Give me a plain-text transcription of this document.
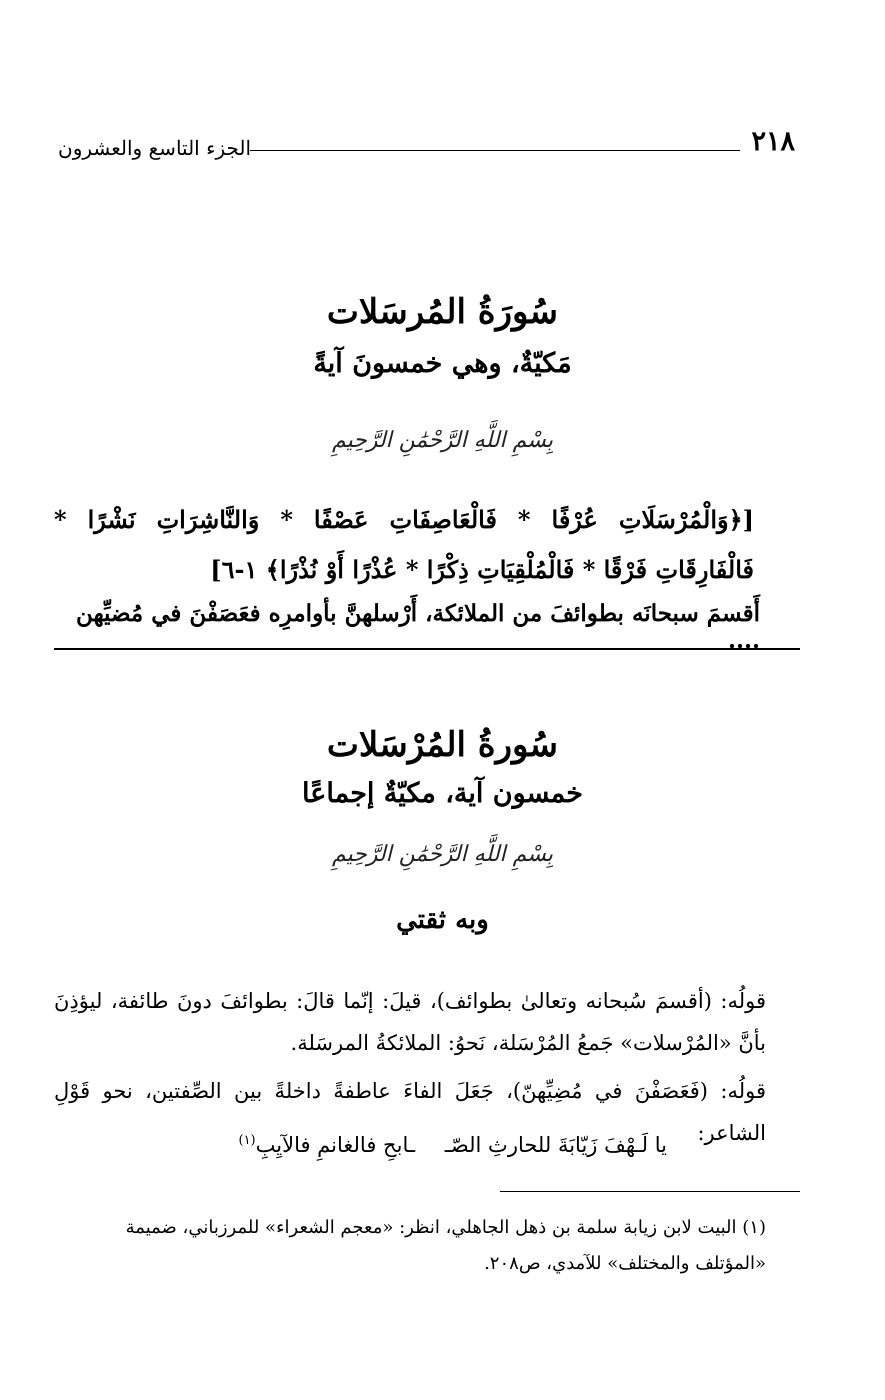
٢١٨
الجزء التاسع والعشرون
سُورَةُ المُرسَلات
مَكيّةٌ، وهي خمسونَ آيةً
بِسْمِ اللَّهِ الرَّحْمَٰنِ الرَّحِيمِ
[﴿وَالْمُرْسَلَاتِ عُرْفًا * فَالْعَاصِفَاتِ عَصْفًا * وَالنَّاشِرَاتِ نَشْرًا * فَالْفَارِقَاتِ فَرْقًا * فَالْمُلْقِيَاتِ ذِكْرًا * عُذْرًا أَوْ نُذْرًا﴾ ١-٦]
أَقسمَ سبحانَه بطوائفَ من الملائكة، أَرْسلهنَّ بأوامرِه فعَصَفْنَ في مُضيِّهن ....
سُورةُ المُرْسَلات
خمسون آية، مكيّةٌ إجماعًا
بِسْمِ اللَّهِ الرَّحْمَٰنِ الرَّحِيمِ
وبه ثقتي
قولُه: (أقسمَ سُبحانه وتعالىٰ بطوائف)، قيلَ: إنّما قالَ: بطوائفَ دونَ طائفة، ليؤذِنَ بأنَّ «المُرْسلات» جَمعُ المُرْسَلة، نَحوُ: الملائكةُ المرسَلة.
قولُه: (فَعَصَفْنَ في مُضِيِّهنّ)، جَعَلَ الفاءَ عاطفةً داخلةً بين الصِّفتين، نحو قَوْلِ الشاعر:
يا لَـهْفَ زَيّابَةَ للحارثِ الصّـ
ـابحِ فالغانمِ فالآيِبِ$^{(١)}$
(١) البيت لابن زيابة سلمة بن ذهل الجاهلي، انظر: «معجم الشعراء» للمرزباني، ضميمة «المؤتلف والمختلف» للآمدي، ص٢٠٨.
